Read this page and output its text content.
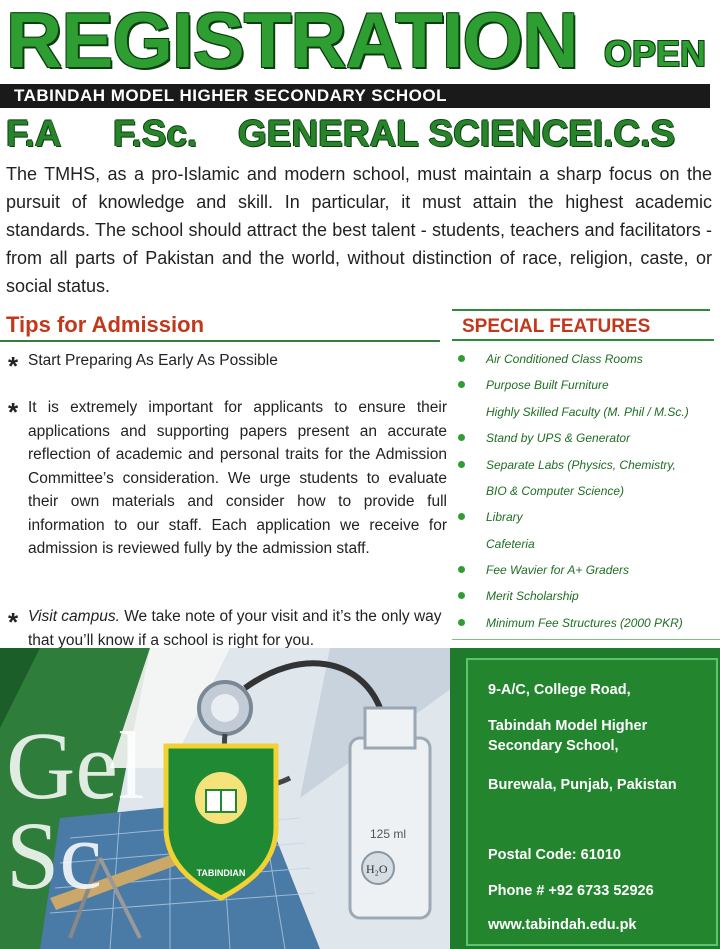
REGISTRATION OPEN
TABINDAH MODEL HIGHER SECONDARY SCHOOL
F.A F.Sc. GENERAL SCIENCE I.C.S
The TMHS, as a pro-Islamic and modern school, must maintain a sharp focus on the pursuit of knowledge and skill. In particular, it must attain the highest academic standards. The school should attract the best talent - students, teachers and facilitators - from all parts of Pakistan and the world, without distinction of race, religion, caste, or social status.
Tips for Admission
* Start Preparing As Early As Possible
* It is extremely important for applicants to ensure their applications and supporting papers present an accurate reflection of academic and personal traits for the Admission Committee’s consideration. We urge students to evaluate their own materials and consider how to provide full information to our staff. Each application we receive for admission is reviewed fully by the admission staff.
* Visit campus. We take note of your visit and it’s the only way that you’ll know if a school is right for you.
SPECIAL FEATURES
Air Conditioned Class Rooms
Purpose Built Furniture
Highly Skilled Faculty (M. Phil / M.Sc.)
Stand by UPS & Generator
Separate Labs (Physics, Chemistry,
BIO & Computer Science)
Library
Cafeteria
Fee Wavier for A+ Graders
Merit Scholarship
Minimum Fee Structures (2000 PKR)
125 ml
H₂O
Ge l
Sc	TABINDIAN
9-A/C, College Road,
Tabindah Model Higher Secondary School,
Burewala, Punjab, Pakistan
Postal Code: 61010
Phone # +92 6733 52926
www.tabindah.edu.pk
